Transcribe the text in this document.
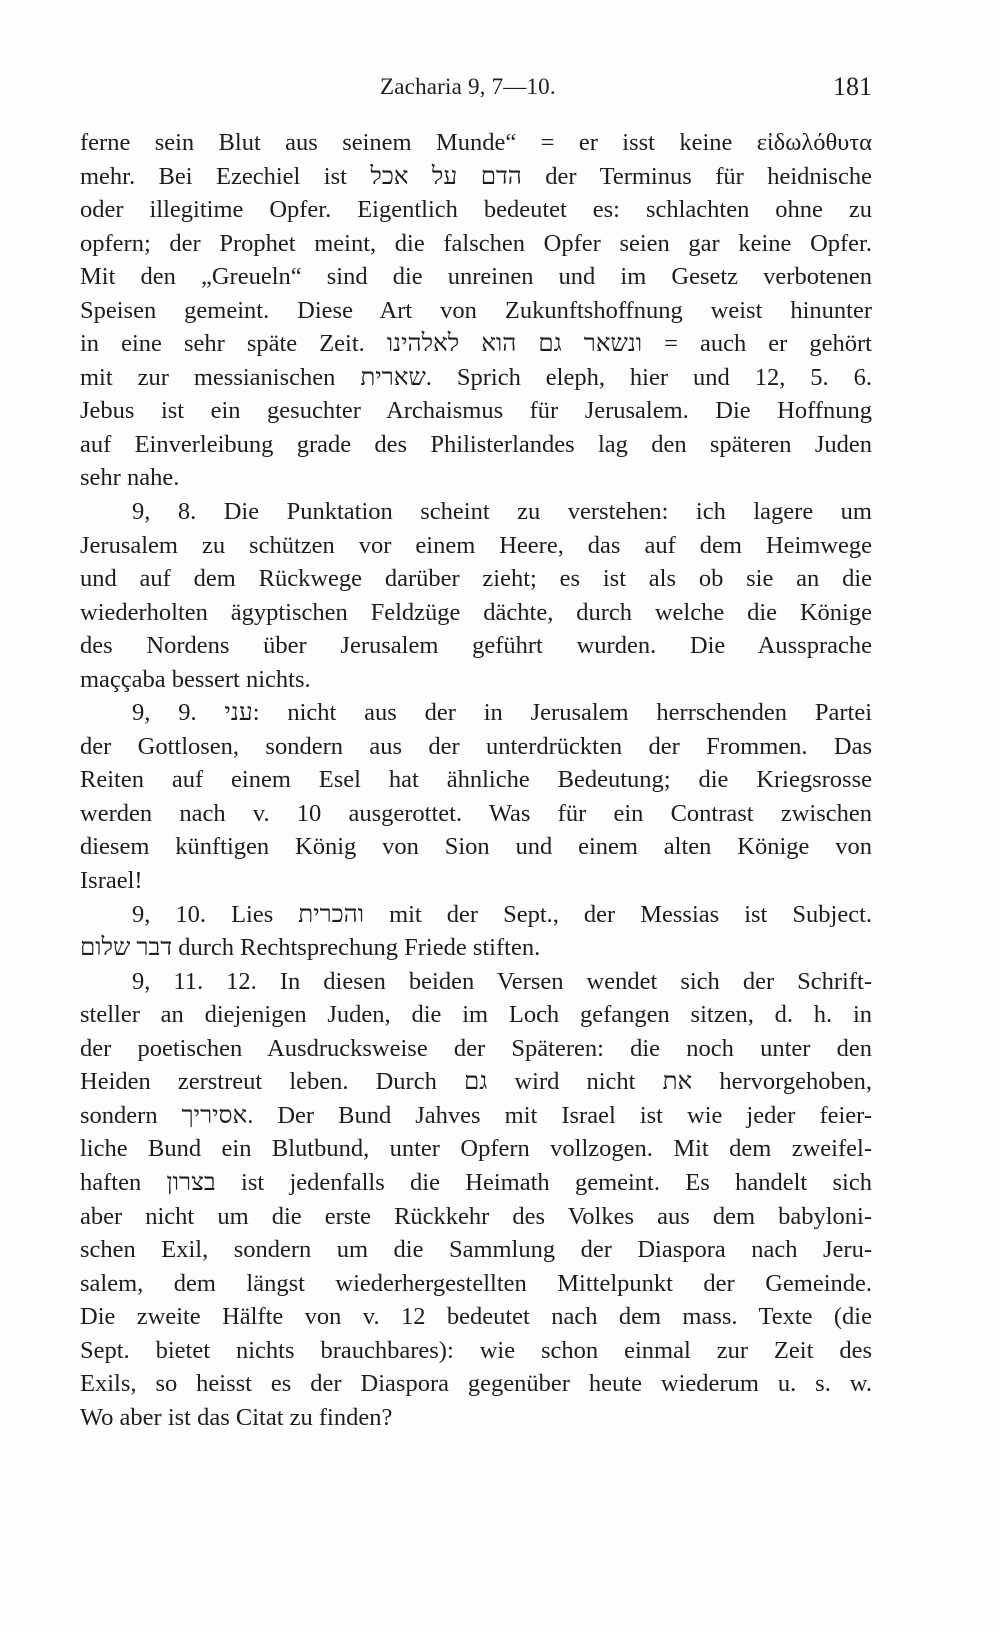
Zacharia 9, 7—10.	181
ferne sein Blut aus seinem Munde“ = er isst keine εἰδωλόθυτα
mehr. Bei Ezechiel ist הדם על אכל der Terminus für heidnische
oder illegitime Opfer. Eigentlich bedeutet es: schlachten ohne zu
opfern; der Prophet meint, die falschen Opfer seien gar keine Opfer.
Mit den „Greueln“ sind die unreinen und im Gesetz verbotenen
Speisen gemeint. Diese Art von Zukunftshoffnung weist hinunter
in eine sehr späte Zeit. ונשאר גם הוא לאלהינו = auch er gehört
mit zur messianischen שארית. Sprich eleph, hier und 12, 5. 6.
Jebus ist ein gesuchter Archaismus für Jerusalem. Die Hoffnung
auf Einverleibung grade des Philisterlandes lag den späteren Juden
sehr nahe.
9, 8. Die Punktation scheint zu verstehen: ich lagere um
Jerusalem zu schützen vor einem Heere, das auf dem Heimwege
und auf dem Rückwege darüber zieht; es ist als ob sie an die
wiederholten ägyptischen Feldzüge dächte, durch welche die Könige
des Nordens über Jerusalem geführt wurden. Die Aussprache
maççaba bessert nichts.
9, 9. עני: nicht aus der in Jerusalem herrschenden Partei
der Gottlosen, sondern aus der unterdrückten der Frommen. Das
Reiten auf einem Esel hat ähnliche Bedeutung; die Kriegsrosse
werden nach v. 10 ausgerottet. Was für ein Contrast zwischen
diesem künftigen König von Sion und einem alten Könige von
Israel!
9, 10. Lies והכרית mit der Sept., der Messias ist Subject.
דבר שלום durch Rechtsprechung Friede stiften.
9, 11. 12. In diesen beiden Versen wendet sich der Schrift-
steller an diejenigen Juden, die im Loch gefangen sitzen, d. h. in
der poetischen Ausdrucksweise der Späteren: die noch unter den
Heiden zerstreut leben. Durch גם wird nicht את hervorgehoben,
sondern אסיריך. Der Bund Jahves mit Israel ist wie jeder feier-
liche Bund ein Blutbund, unter Opfern vollzogen. Mit dem zweifel-
haften בצרון ist jedenfalls die Heimath gemeint. Es handelt sich
aber nicht um die erste Rückkehr des Volkes aus dem babyloni-
schen Exil, sondern um die Sammlung der Diaspora nach Jeru-
salem, dem längst wiederhergestellten Mittelpunkt der Gemeinde.
Die zweite Hälfte von v. 12 bedeutet nach dem mass. Texte (die
Sept. bietet nichts brauchbares): wie schon einmal zur Zeit des
Exils, so heisst es der Diaspora gegenüber heute wiederum u. s. w.
Wo aber ist das Citat zu finden?
